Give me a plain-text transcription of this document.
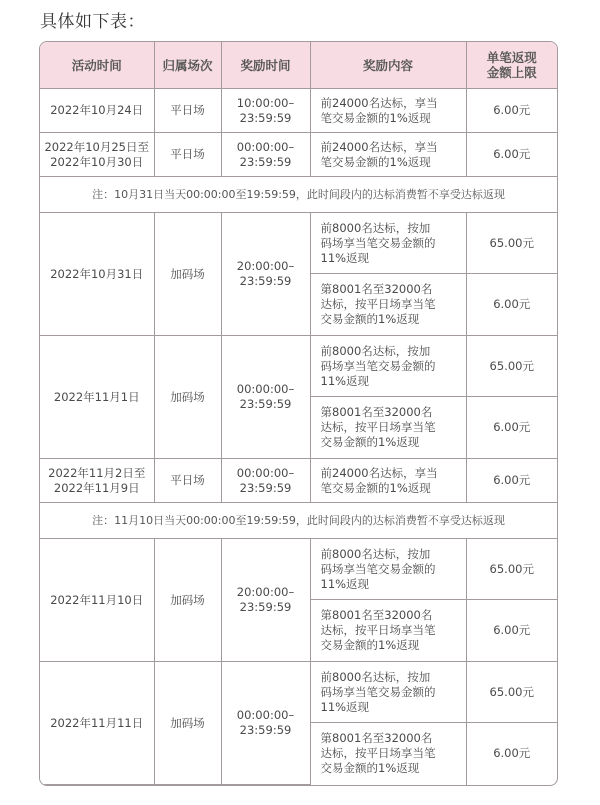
具体如下表：
活动时间	归属场次	奖励时间	奖励内容	单笔返现
金额上限
2022年10月24日	平日场	10:00:00–
23:59:59	前24000名达标，享当
笔交易金额的1%返现	6.00元
2022年10月25日至
2022年10月30日	平日场	00:00:00–
23:59:59	前24000名达标，享当
笔交易金额的1%返现	6.00元
注：10月31日当天00:00:00至19:59:59，此时间段内的达标消费暂不享受达标返现				
2022年10月31日	加码场	20:00:00–
23:59:59	前8000名达标，按加
码场享当笔交易金额的
11%返现	65.00元
			第8001名至32000名
达标，按平日场享当笔
交易金额的1%返现	6.00元
2022年11月1日	加码场	00:00:00–
23:59:59	前8000名达标，按加
码场享当笔交易金额的
11%返现	65.00元
			第8001名至32000名
达标，按平日场享当笔
交易金额的1%返现	6.00元
2022年11月2日至
2022年11月9日	平日场	00:00:00–
23:59:59	前24000名达标，享当
笔交易金额的1%返现	6.00元
注：11月10日当天00:00:00至19:59:59，此时间段内的达标消费暂不享受达标返现				
2022年11月10日	加码场	20:00:00–
23:59:59	前8000名达标，按加
码场享当笔交易金额的
11%返现	65.00元
			第8001名至32000名
达标，按平日场享当笔
交易金额的1%返现	6.00元
2022年11月11日	加码场	00:00:00–
23:59:59	前8000名达标，按加
码场享当笔交易金额的
11%返现	65.00元
			第8001名至32000名
达标，按平日场享当笔
交易金额的1%返现	6.00元
